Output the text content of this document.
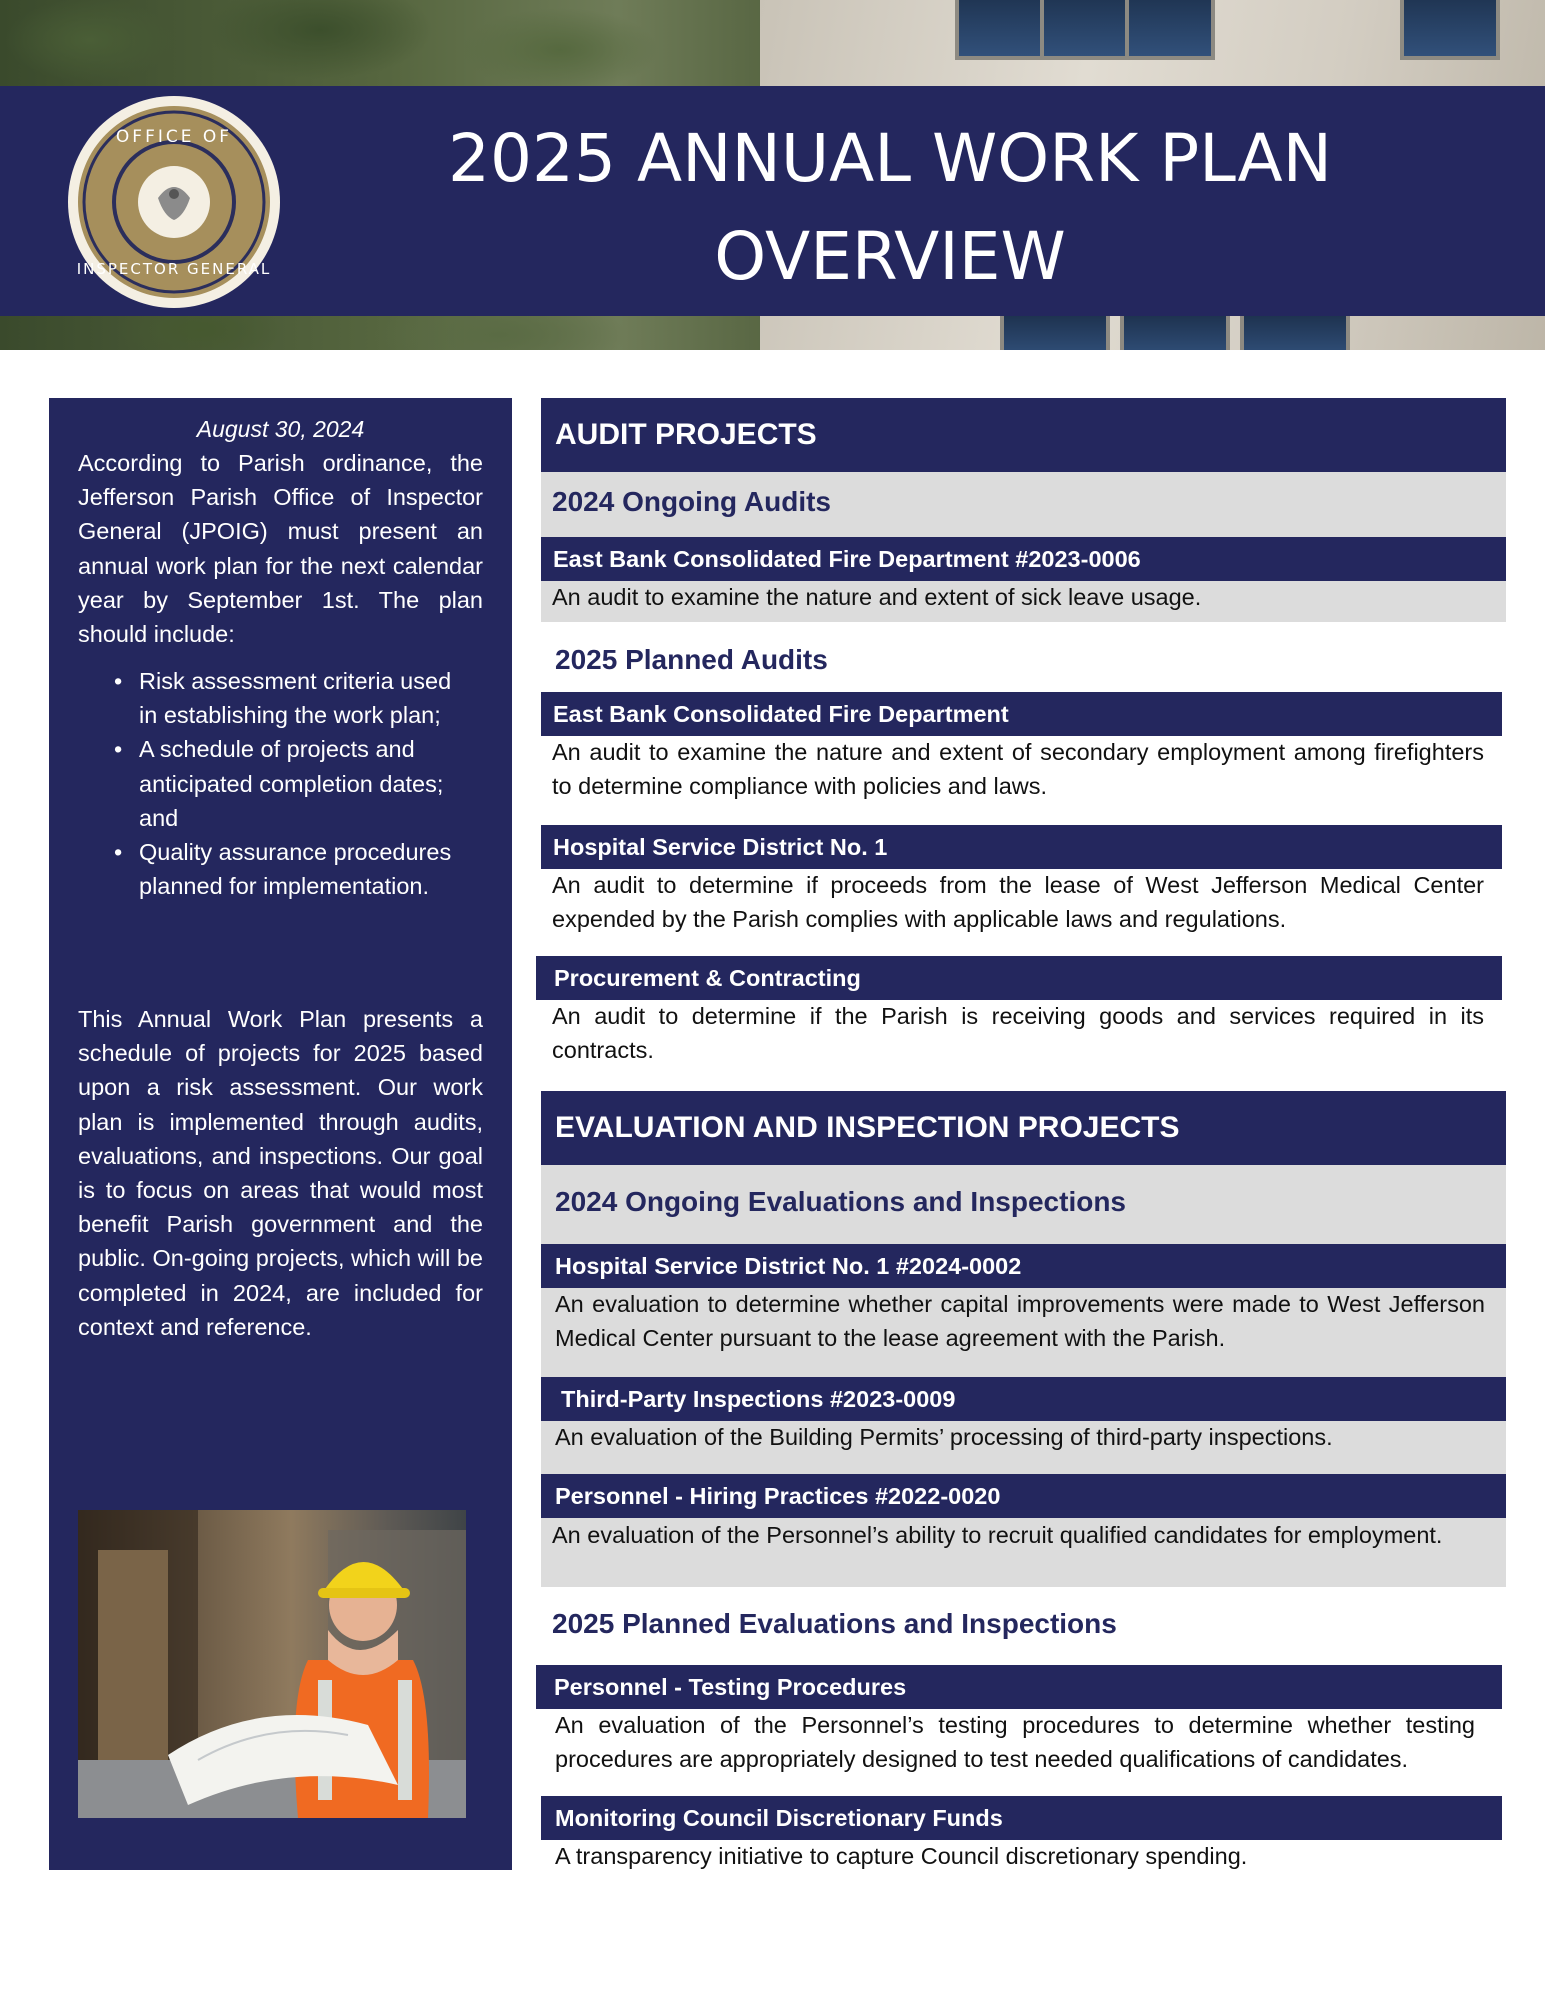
OFFICE OF
INSPECTOR GENERAL
2025 ANNUAL WORK PLAN
OVERVIEW
August 30, 2024
According to Parish ordinance, the Jefferson Parish Office of Inspector General (JPOIG) must present an annual work plan for the next calendar year by September 1st. The plan should include:
• Risk assessment criteria used in establishing the work plan;
• A schedule of projects and anticipated completion dates; and
• Quality assurance procedures planned for implementation.
This Annual Work Plan presents a schedule of projects for 2025 based upon a risk assessment. Our work plan is implemented through audits, evaluations, and inspections. Our goal is to focus on areas that would most benefit Parish government and the public. On-going projects, which will be completed in 2024, are included for context and reference.
AUDIT PROJECTS
2024 Ongoing Audits
East Bank Consolidated Fire Department #2023-0006
An audit to examine the nature and extent of sick leave usage.
2025 Planned Audits
East Bank Consolidated Fire Department
An audit to examine the nature and extent of secondary employment among firefighters to determine compliance with policies and laws.
Hospital Service District No. 1
An audit to determine if proceeds from the lease of West Jefferson Medical Center expended by the Parish complies with applicable laws and regulations.
Procurement & Contracting
An audit to determine if the Parish is receiving goods and services required in its contracts.
EVALUATION AND INSPECTION PROJECTS
2024 Ongoing Evaluations and Inspections
Hospital Service District No. 1 #2024-0002
An evaluation to determine whether capital improvements were made to West Jefferson Medical Center pursuant to the lease agreement with the Parish.
Third-Party Inspections #2023-0009
An evaluation of the Building Permits’ processing of third-party inspections.
Personnel - Hiring Practices #2022-0020
An evaluation of the Personnel’s ability to recruit qualified candidates for employment.
2025 Planned Evaluations and Inspections
Personnel - Testing Procedures
An evaluation of the Personnel’s testing procedures to determine whether testing procedures are appropriately designed to test needed qualifications of candidates.
Monitoring Council Discretionary Funds
A transparency initiative to capture Council discretionary spending.
